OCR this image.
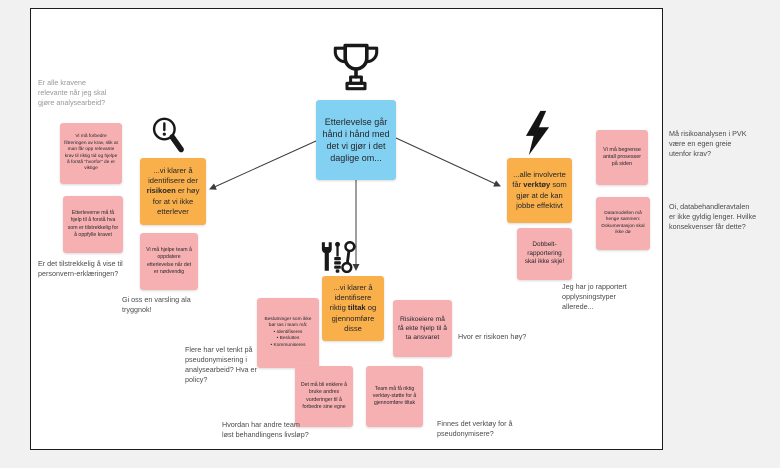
Etterlevelse går hånd i hånd med det vi gjør i det daglige om...
...vi klarer å identifisere der risikoen er høy for at vi ikke etterlever
...vi klarer å identifisere riktig tiltak og gjennomføre disse
...alle involverte får verktøy som gjør at de kan jobbe effektivt
Vi må forbedre filtreringen av krav, slik at man får opp relevante krav til riktig tid og hjelpe å forstå "hvorfor" de er viktige
Etterleverne må få hjelp til å forstå hva som er tilstrekkelig for å oppfylle kravet
Vi må hjelpe team å oppdatere etterlevelse når det er nødvendig
Beslutninger som ikke bør tas i team må:
• Identifiseres
• Besluttes
• Kommuniseres
Det må bli enklere å bruke andres vurderinger til å forbedre sine egne
Team må få riktig verktøy-støtte for å gjennomføre tiltak
Risikoeiere må få ekte hjelp til å ta ansvaret
Dobbelt-rapportering skal ikke skje!
Vi må begrense antall prosesser på siden
Datamodellen må henge sammen: Dokumentasjon skal ikke dø
Er alle kravene relevante når jeg skal gjøre analysearbeid?
Er det tilstrekkelig å vise til personvern-erklæringen?
Gi oss en varsling ala tryggnok!
Flere har vel tenkt på pseudonymisering i analysearbeid? Hva er policy?
Hvordan har andre team løst behandlingens livsløp?
Finnes det verktøy for å pseudonymisere?
Hvor er risikoen høy?
Jeg har jo rapportert opplysningstyper allerede...
Må risikoanalysen i PVK være en egen greie utenfor krav?
Oi, databehandleravtalen er ikke gyldig lenger. Hvilke konsekvenser får dette?
